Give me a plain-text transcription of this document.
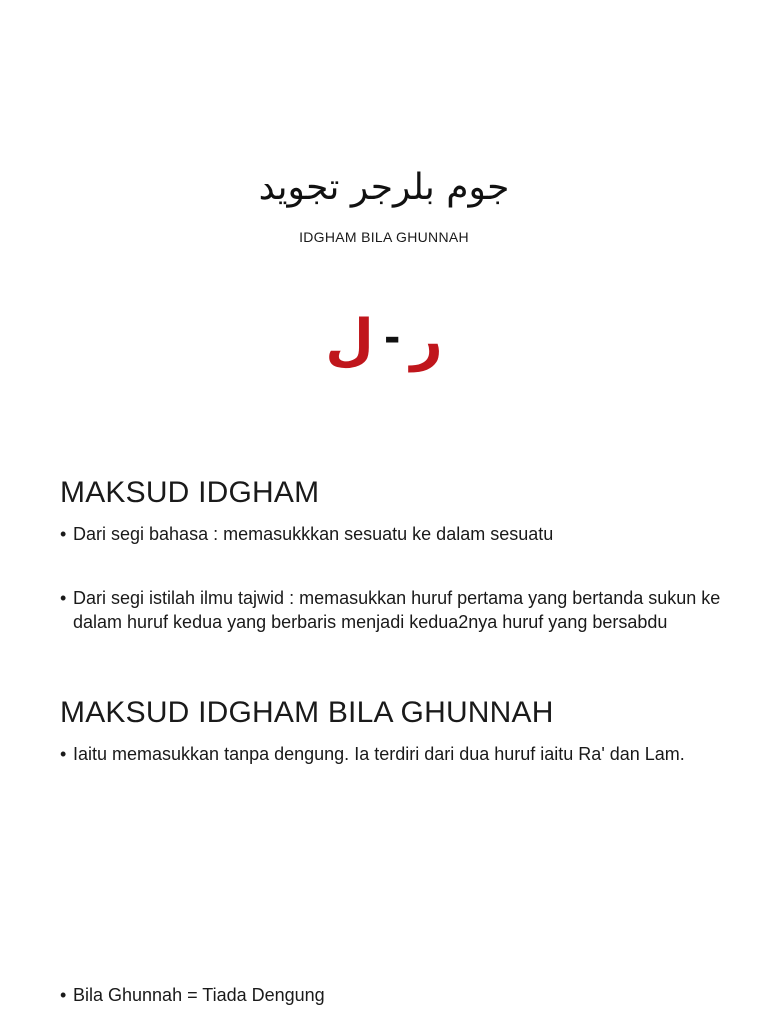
جوم بلرجر تجويد
IDGHAM BILA GHUNNAH
ر-ل
MAKSUD IDGHAM
• Dari segi bahasa : memasukkkan sesuatu ke dalam sesuatu
• Dari segi istilah ilmu tajwid : memasukkan huruf pertama yang bertanda sukun ke dalam huruf kedua yang berbaris menjadi kedua2nya huruf yang bersabdu
MAKSUD IDGHAM BILA GHUNNAH
• Iaitu memasukkan tanpa dengung. Ia terdiri dari dua huruf iaitu Ra' dan Lam.
• Bila Ghunnah = Tiada Dengung
